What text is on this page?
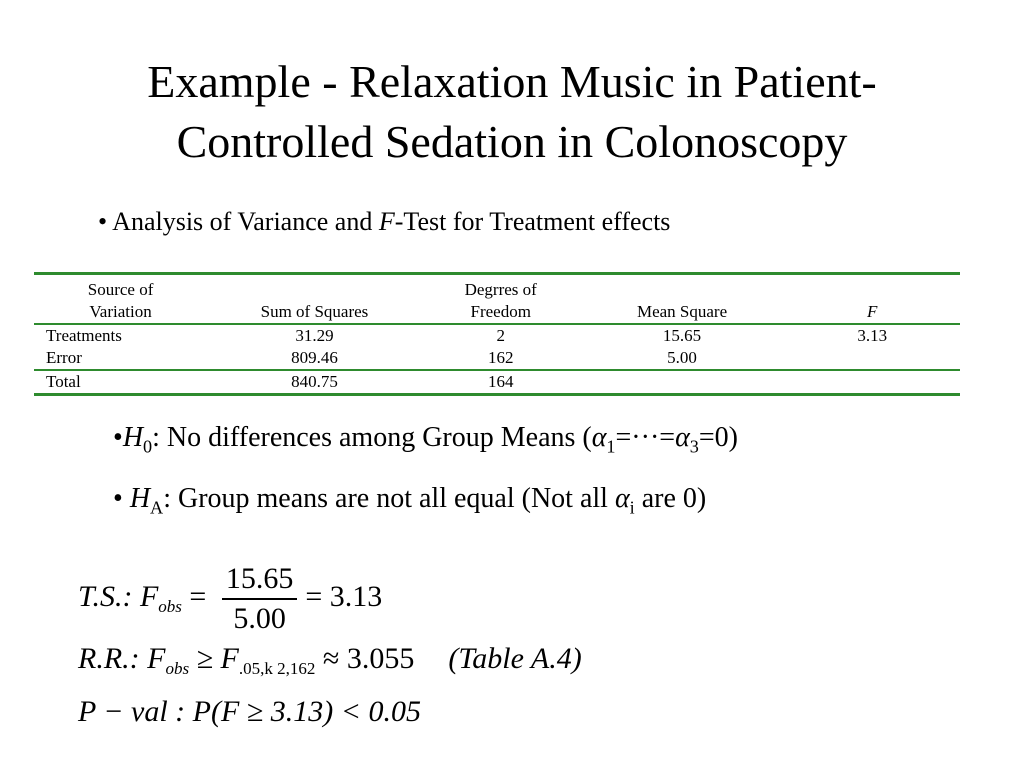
Example - Relaxation Music in Patient-
Controlled Sedation in Colonoscopy
• Analysis of Variance and F-Test for Treatment effects
Source of		Degrres of		
Variation	Sum of Squares	Freedom	Mean Square	F
Treatments	31.29	2	15.65	3.13
Error	809.46	162	5.00	
Total	840.75	164		
$•H_0$: No differences among Group Means $(\alpha_1=\cdot\cdot\cdot=\alpha_3=0)$
• $H_A$: Group means are not all equal (Not all $\alpha_i$ are 0)
T.S.: $F_{obs} = \frac{15.65}{5.00} = 3.13$
R.R.: $F_{obs} \ge F_{.05,k 2,162} \approx 3.055$ (Table A.4)
P − val : P(F ≥ 3.13) < 0.05
